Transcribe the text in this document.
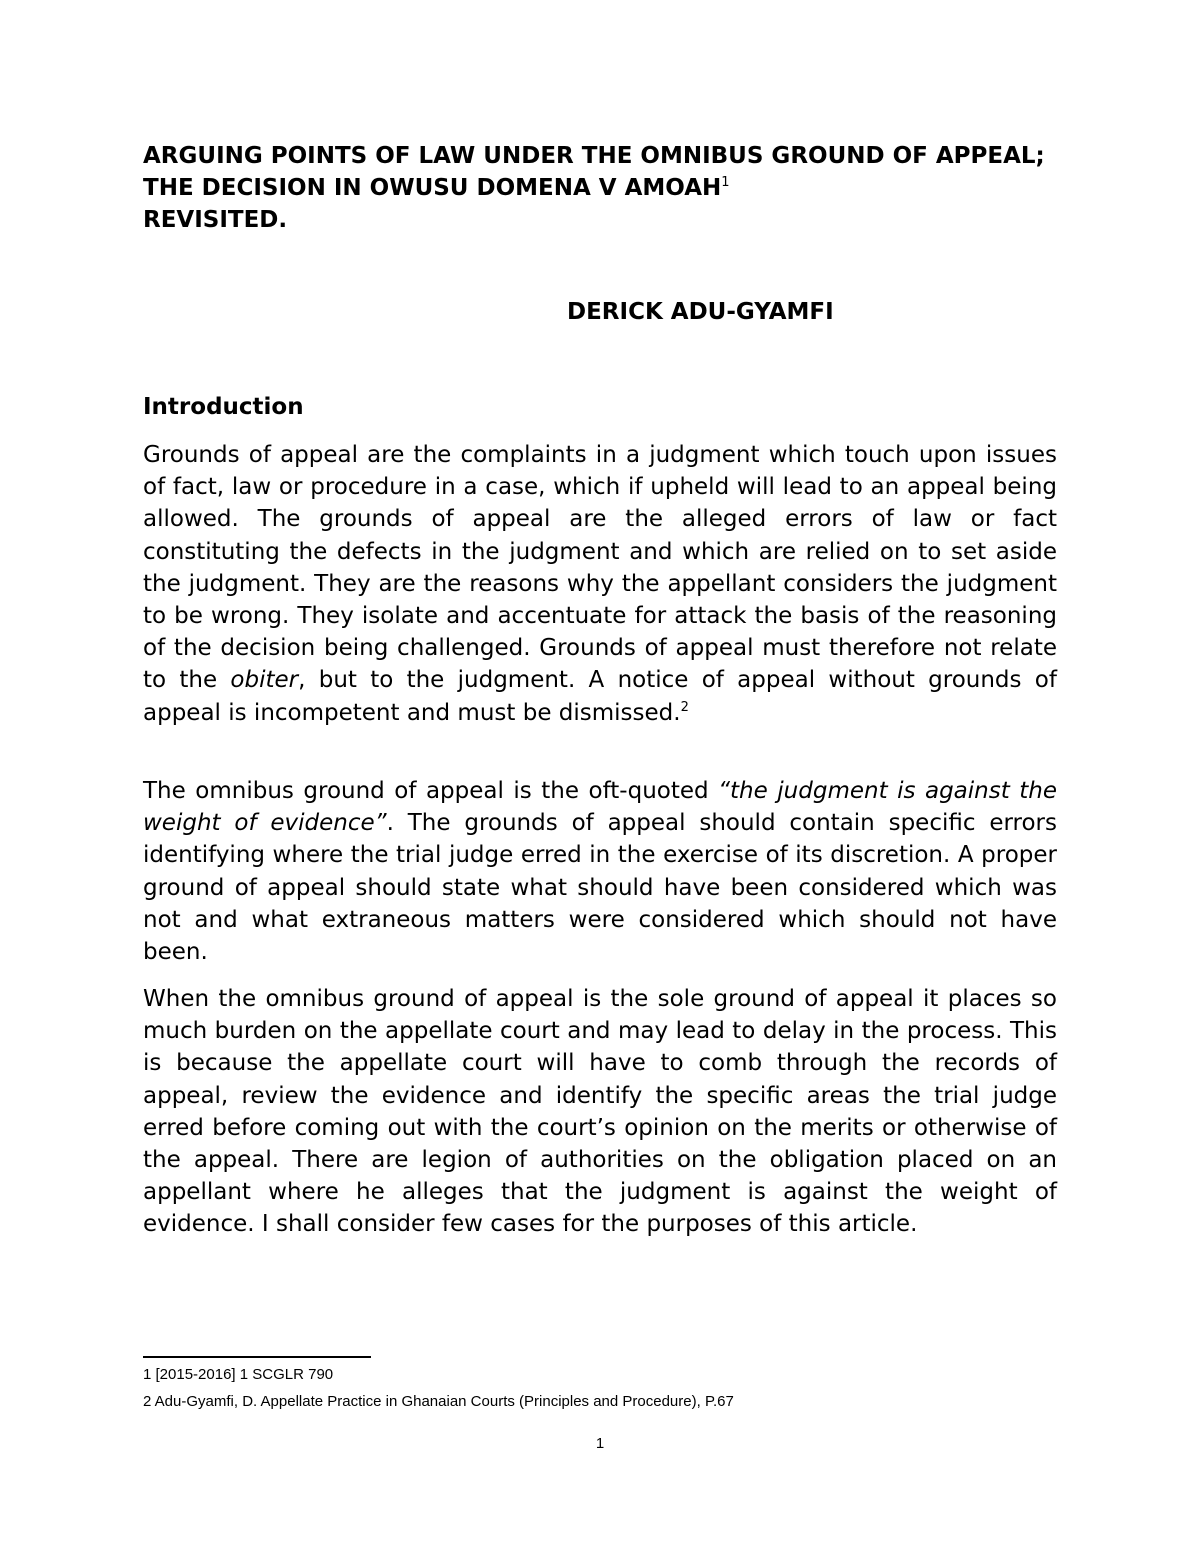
ARGUING POINTS OF LAW UNDER THE OMNIBUS GROUND OF APPEAL; THE DECISION IN OWUSU DOMENA V AMOAH$^1$
REVISITED.
DERICK ADU-GYAMFI
Introduction

Grounds of appeal are the complaints in a judgment which touch upon issues of fact, law or procedure in a case, which if upheld will lead to an appeal being allowed. The grounds of appeal are the alleged errors of law or fact constituting the defects in the judgment and which are relied on to set aside the judgment. They are the reasons why the appellant considers the judgment to be wrong. They isolate and accentuate for attack the basis of the reasoning of the decision being challenged. Grounds of appeal must therefore not relate to the obiter, but to the judgment. A notice of appeal without grounds of appeal is incompetent and must be dismissed.$^2$

The omnibus ground of appeal is the oft-quoted “the judgment is against the weight of evidence”. The grounds of appeal should contain specific errors identifying where the trial judge erred in the exercise of its discretion. A proper ground of appeal should state what should have been considered which was not and what extraneous matters were considered which should not have been.

When the omnibus ground of appeal is the sole ground of appeal it places so much burden on the appellate court and may lead to delay in the process. This is because the appellate court will have to comb through the records of appeal, review the evidence and identify the specific areas the trial judge erred before coming out with the court’s opinion on the merits or otherwise of the appeal. There are legion of authorities on the obligation placed on an appellant where he alleges that the judgment is against the weight of evidence. I shall consider few cases for the purposes of this article.

1 [2015-2016] 1 SCGLR 790

2 Adu-Gyamfi, D. Appellate Practice in Ghanaian Courts (Principles and Procedure), P.67

1
